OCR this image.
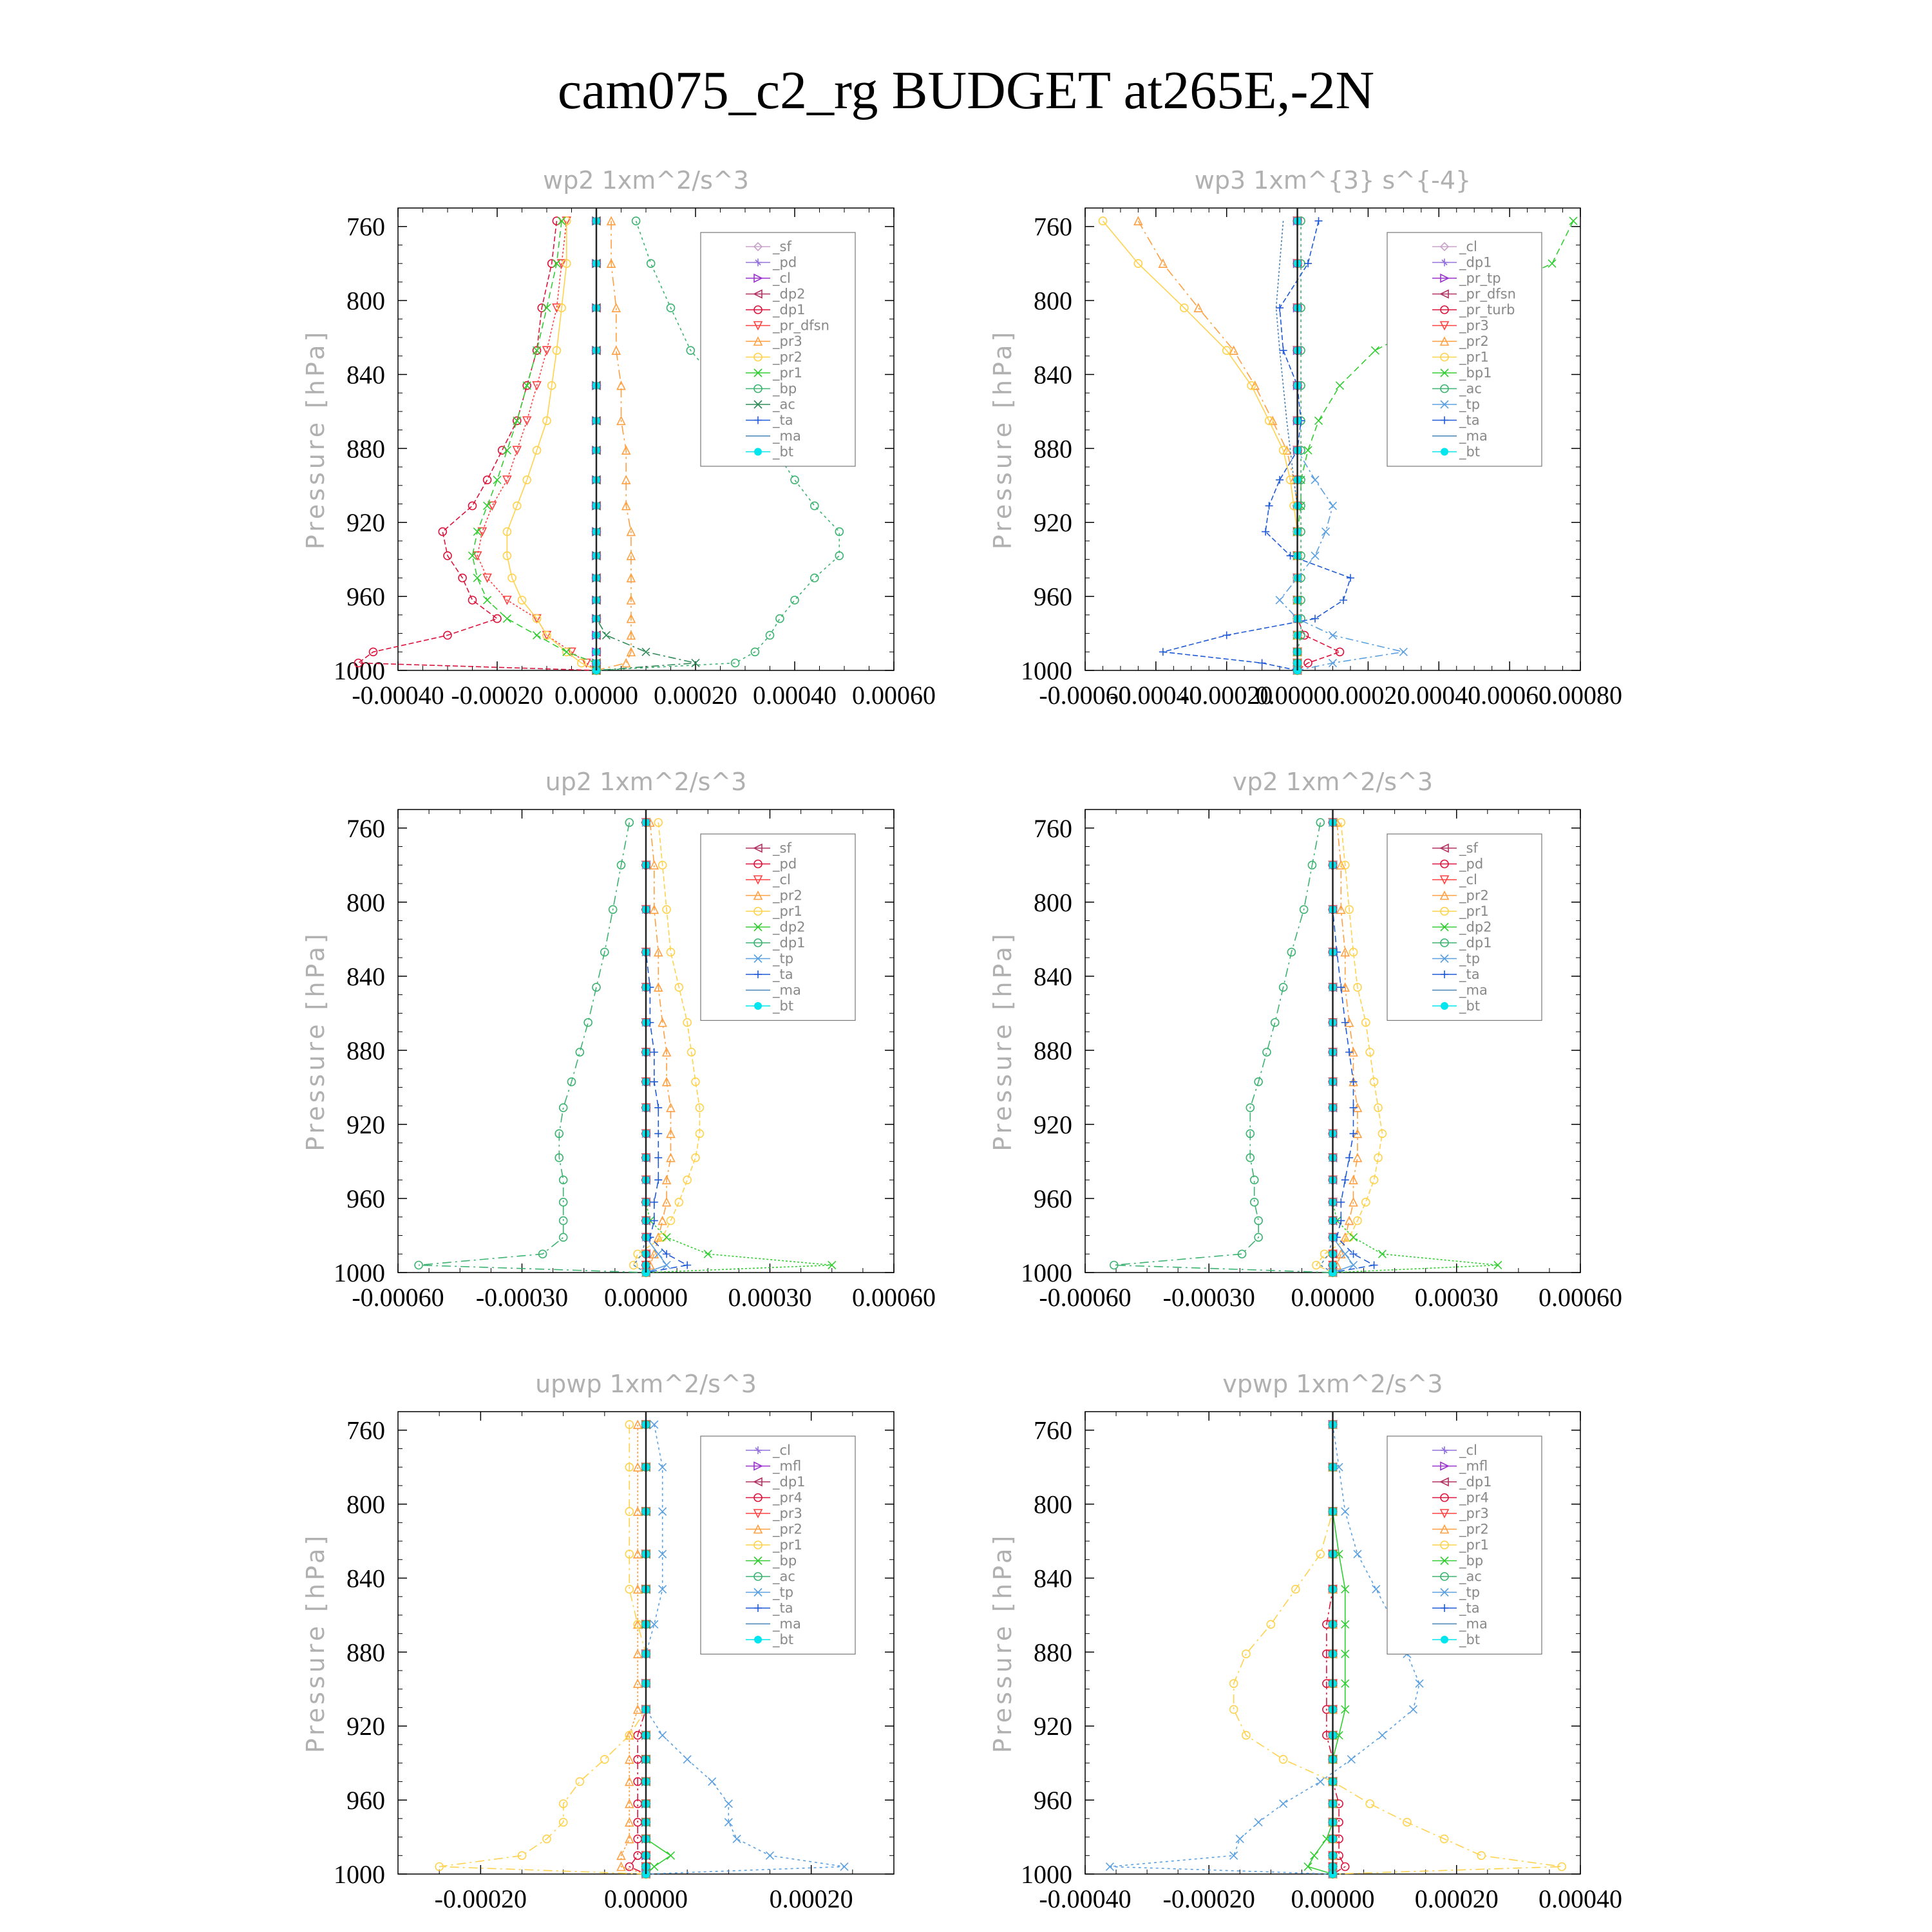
cam075_c2_rg BUDGET at265E,-2N
wp2 1xm^2/s^3
Pressure [hPa]
760
800
840
880
920
960
1000
-0.00040 -0.00020 0.00000 0.00020 0.00040 0.00060
_sf
_pd
_cl
_dp2
_dp1
_pr_dfsn
_pr3
_pr2
_pr1
_bp
_ac
_ta
_ma
_bt
wp3 1xm^{3} s^{-4}
Pressure [hPa]
760
800
840
880
920
960
1000
-0.00060
-0.00040
-0.00020
0.00000
0.00020
0.00040
0.00060
0.00080
_cl
_dp1
_pr_tp
_pr_dfsn
_pr_turb
_pr3
_pr2
_pr1
_bp1
_ac
_tp
_ta
_ma
_bt
up2 1xm^2/s^3
Pressure [hPa]
760
800
840
880
920
960
1000
-0.00060 -0.00030 0.00000 0.00030 0.00060
_sf
_pd
_cl
_pr2
_pr1
_dp2
_dp1
_tp
_ta
_ma
_bt
vp2 1xm^2/s^3
Pressure [hPa]
760
800
840
880
920
960
1000
-0.00060 -0.00030 0.00000 0.00030 0.00060
_sf
_pd
_cl
_pr2
_pr1
_dp2
_dp1
_tp
_ta
_ma
_bt
upwp 1xm^2/s^3
Pressure [hPa]
760
800
840
880
920
960
1000
-0.00020	0.00000	0.00020
_cl
_mfl
_dp1
_pr4
_pr3
_pr2
_pr1
_bp
_ac
_tp
_ta
_ma
_bt
vpwp 1xm^2/s^3
Pressure [hPa]
760
800
840
880
920
960
1000
-0.00040 -0.00020 0.00000 0.00020 0.00040
_cl
_mfl
_dp1
_pr4
_pr3
_pr2
_pr1
_bp
_ac
_tp
_ta
_ma
_bt
